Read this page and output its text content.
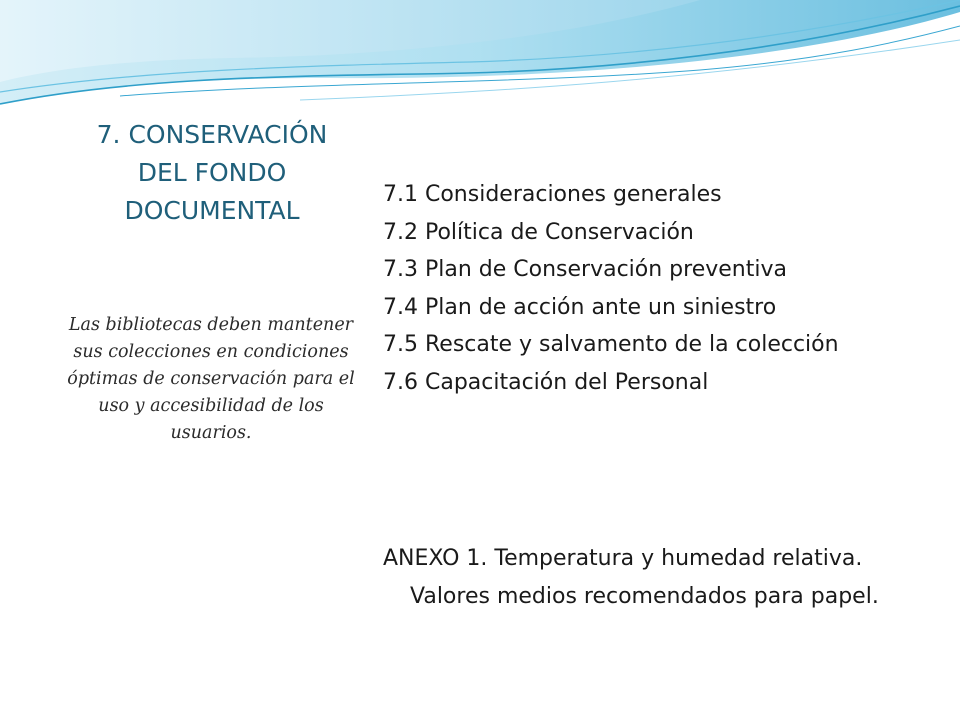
7. CONSERVACIÓN
DEL FONDO
DOCUMENTAL

Las bibliotecas deben mantener sus colecciones en condiciones óptimas de conservación para el uso y accesibilidad de los usuarios.

7.1 Consideraciones generales
7.2 Política de Conservación
7.3 Plan de Conservación preventiva
7.4 Plan de acción ante un siniestro
7.5 Rescate y salvamento de la colección
7.6 Capacitación del Personal

ANEXO 1. Temperatura y humedad relativa. Valores medios recomendados para papel.
